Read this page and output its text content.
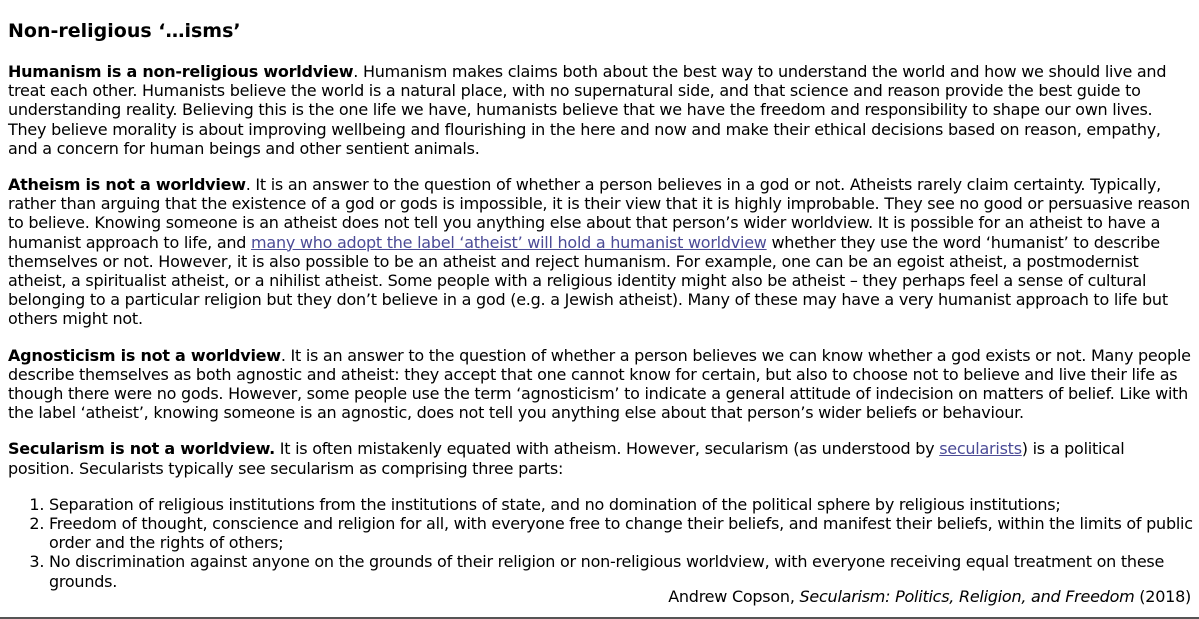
Non-religious ‘…isms’

Humanism is a non-religious worldview. Humanism makes claims both about the best way to understand the world and how we should live and treat each other. Humanists believe the world is a natural place, with no supernatural side, and that science and reason provide the best guide to understanding reality. Believing this is the one life we have, humanists believe that we have the freedom and responsibility to shape our own lives. They believe morality is about improving wellbeing and flourishing in the here and now and make their ethical decisions based on reason, empathy, and a concern for human beings and other sentient animals.

Atheism is not a worldview. It is an answer to the question of whether a person believes in a god or not. Atheists rarely claim certainty. Typically, rather than arguing that the existence of a god or gods is impossible, it is their view that it is highly improbable. They see no good or persuasive reason to believe. Knowing someone is an atheist does not tell you anything else about that person’s wider worldview. It is possible for an atheist to have a humanist approach to life, and many who adopt the label ‘atheist’ will hold a humanist worldview whether they use the word ‘humanist’ to describe themselves or not. However, it is also possible to be an atheist and reject humanism. For example, one can be an egoist atheist, a postmodernist atheist, a spiritualist atheist, or a nihilist atheist. Some people with a religious identity might also be atheist – they perhaps feel a sense of cultural belonging to a particular religion but they don’t believe in a god (e.g. a Jewish atheist). Many of these may have a very humanist approach to life but others might not.

Agnosticism is not a worldview. It is an answer to the question of whether a person believes we can know whether a god exists or not. Many people describe themselves as both agnostic and atheist: they accept that one cannot know for certain, but also to choose not to believe and live their life as though there were no gods. However, some people use the term ‘agnosticism’ to indicate a general attitude of indecision on matters of belief. Like with the label ‘atheist’, knowing someone is an agnostic, does not tell you anything else about that person’s wider beliefs or behaviour.

Secularism is not a worldview. It is often mistakenly equated with atheism. However, secularism (as understood by secularists) is a political position. Secularists typically see secularism as comprising three parts:

1. Separation of religious institutions from the institutions of state, and no domination of the political sphere by religious institutions;
2. Freedom of thought, conscience and religion for all, with everyone free to change their beliefs, and manifest their beliefs, within the limits of public order and the rights of others;
3. No discrimination against anyone on the grounds of their religion or non-religious worldview, with everyone receiving equal treatment on these grounds.
Andrew Copson, Secularism: Politics, Religion, and Freedom (2018)
